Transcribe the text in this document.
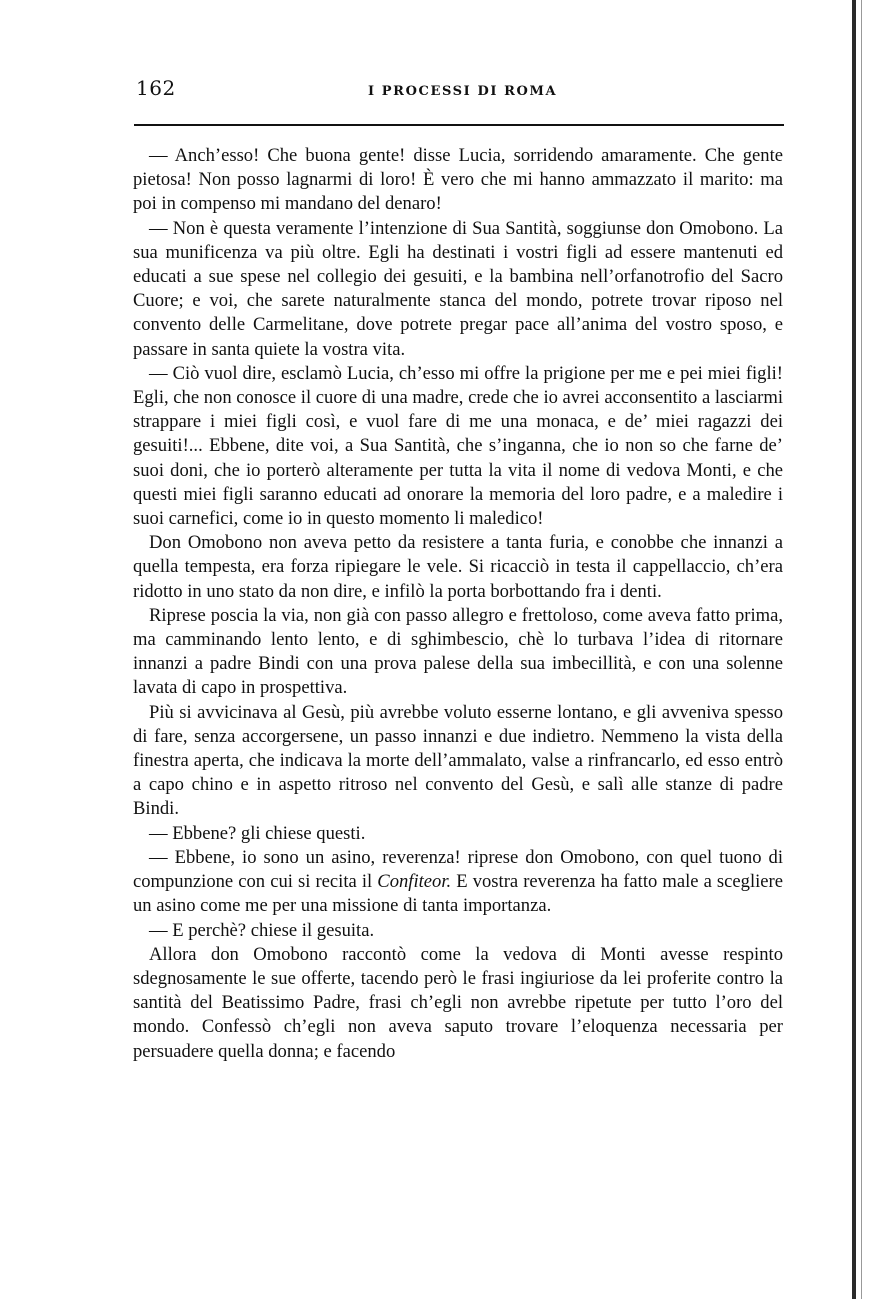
162	I PROCESSI DI ROMA

— Anch’esso! Che buona gente! disse Lucia, sorridendo amaramente. Che gente pietosa! Non posso lagnarmi di loro! È vero che mi hanno ammazzato il marito: ma poi in compenso mi mandano del denaro!

— Non è questa veramente l’intenzione di Sua Santità, soggiunse don Omobono. La sua munificenza va più oltre. Egli ha destinati i vostri figli ad essere mantenuti ed educati a sue spese nel collegio dei gesuiti, e la bambina nell’orfanotrofio del Sacro Cuore; e voi, che sarete naturalmente stanca del mondo, potrete trovar riposo nel convento delle Carmelitane, dove potrete pregar pace all’anima del vostro sposo, e passare in santa quiete la vostra vita.

— Ciò vuol dire, esclamò Lucia, ch’esso mi offre la prigione per me e pei miei figli! Egli, che non conosce il cuore di una madre, crede che io avrei acconsentito a lasciarmi strappare i miei figli così, e vuol fare di me una monaca, e de’ miei ragazzi dei gesuiti!... Ebbene, dite voi, a Sua Santità, che s’inganna, che io non so che farne de’ suoi doni, che io porterò alteramente per tutta la vita il nome di vedova Monti, e che questi miei figli saranno educati ad onorare la memoria del loro padre, e a maledire i suoi carnefici, come io in questo momento li maledico!

Don Omobono non aveva petto da resistere a tanta furia, e conobbe che innanzi a quella tempesta, era forza ripiegare le vele. Si ricacciò in testa il cappellaccio, ch’era ridotto in uno stato da non dire, e infilò la porta borbottando fra i denti.

Riprese poscia la via, non già con passo allegro e frettoloso, come aveva fatto prima, ma camminando lento lento, e di sghimbescio, chè lo turbava l’idea di ritornare innanzi a padre Bindi con una prova palese della sua imbecillità, e con una solenne lavata di capo in prospettiva.

Più si avvicinava al Gesù, più avrebbe voluto esserne lontano, e gli avveniva spesso di fare, senza accorgersene, un passo innanzi e due indietro. Nemmeno la vista della finestra aperta, che indicava la morte dell’ammalato, valse a rinfrancarlo, ed esso entrò a capo chino e in aspetto ritroso nel convento del Gesù, e salì alle stanze di padre Bindi.

— Ebbene? gli chiese questi.

— Ebbene, io sono un asino, reverenza! riprese don Omobono, con quel tuono di compunzione con cui si recita il Confiteor. E vostra reverenza ha fatto male a scegliere un asino come me per una missione di tanta importanza.

— E perchè? chiese il gesuita.

Allora don Omobono raccontò come la vedova di Monti avesse respinto sdegnosamente le sue offerte, tacendo però le frasi ingiuriose da lei proferite contro la santità del Beatissimo Padre, frasi ch’egli non avrebbe ripetute per tutto l’oro del mondo. Confessò ch’egli non aveva saputo trovare l’eloquenza necessaria per persuadere quella donna; e facendo
